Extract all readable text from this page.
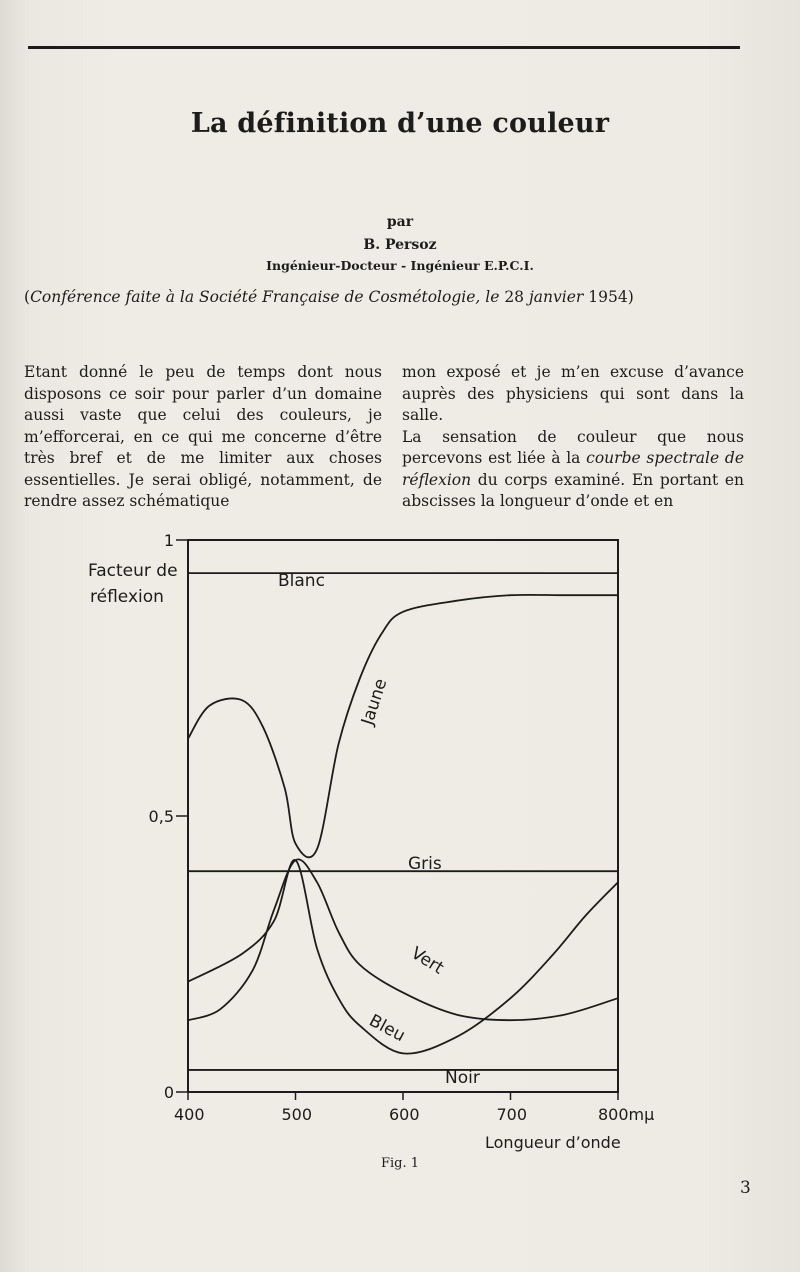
La définition d’une couleur
par
B. Persoz
Ingénieur-Docteur - Ingénieur E.P.C.I.
(Conférence faite à la Société Française de Cosmétologie, le 28 janvier 1954)

Etant donné le peu de temps dont nous disposons ce soir pour parler d’un domaine aussi vaste que celui des couleurs, je m’efforcerai, en ce qui me concerne d’être très bref et de me limiter aux choses essentielles. Je serai obligé, notamment, de rendre assez schématique

mon exposé et je m’en excuse d’avance auprès des physiciens qui sont dans la salle.

La sensation de couleur que nous percevons est liée à la courbe spectrale de réflexion du corps examiné. En portant en abscisses la longueur d’onde et en

Blanc
Gris
Noir
Jaune
Vert
Bleu
400	500	600	700	800mμ
0
0,5
1
Facteur de réflexion
Longueur d’onde
Fig. 1
3
